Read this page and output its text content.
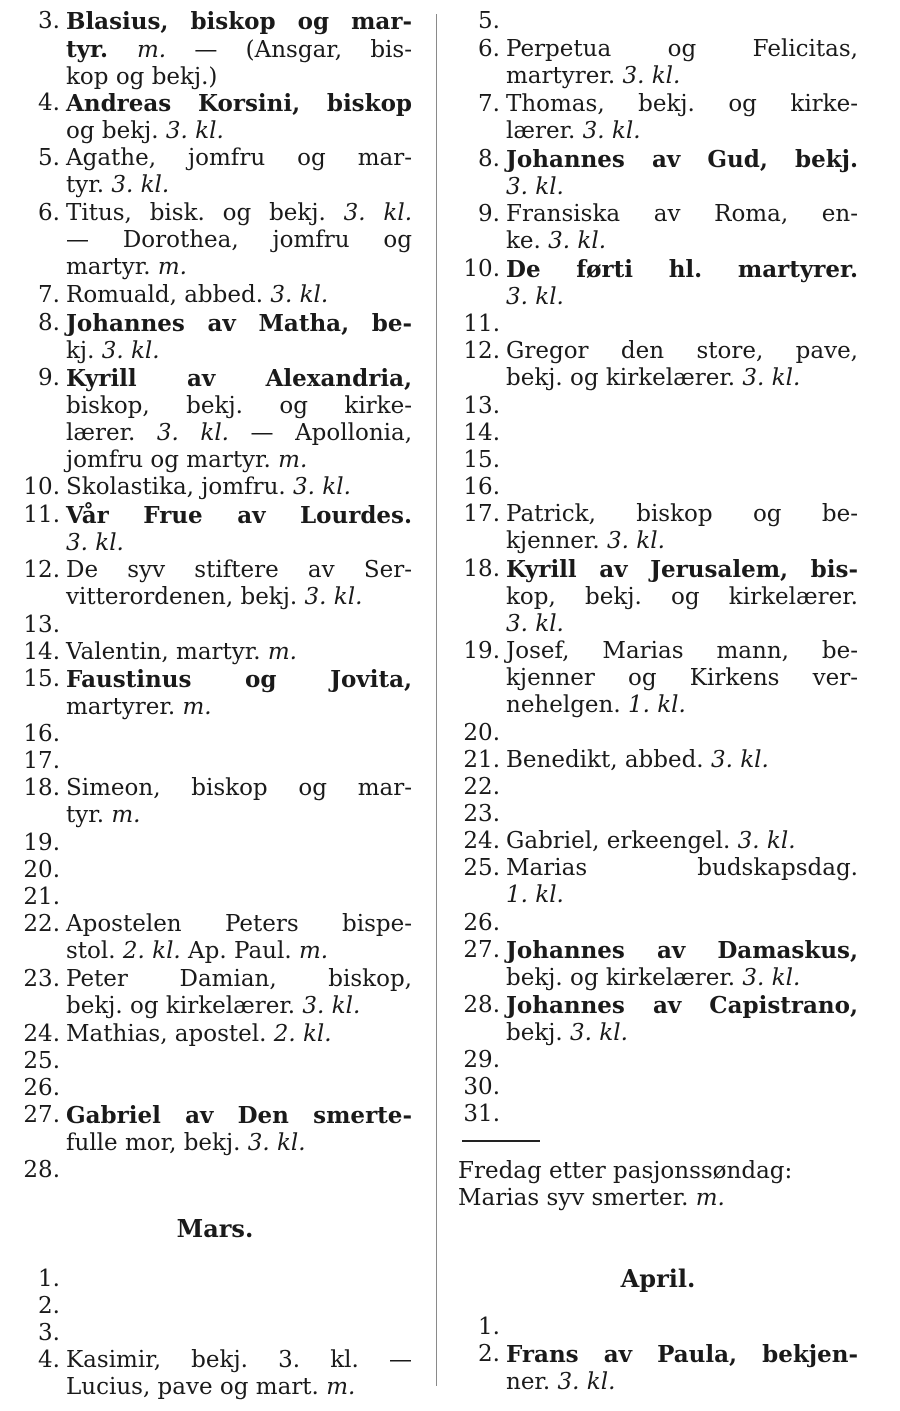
3. Blasius, biskop og mar-
tyr. m. — (Ansgar, bis-
kop og bekj.)
4. Andreas Korsini, biskop
og bekj. 3. kl.
5. Agathe, jomfru og mar-
tyr. 3. kl.
6. Titus, bisk. og bekj. 3. kl.
— Dorothea, jomfru og
martyr. m.
7. Romuald, abbed. 3. kl.
8. Johannes av Matha, be-
kj. 3. kl.
9. Kyrill av Alexandria,
biskop, bekj. og kirke-
lærer. 3. kl. — Apollonia,
jomfru og martyr. m.
10. Skolastika, jomfru. 3. kl.
11. Vår Frue av Lourdes.
3. kl.
12. De syv stiftere av Ser-
vitterordenen, bekj. 3. kl.
13.
14. Valentin, martyr. m.
15. Faustinus og Jovita,
martyrer. m.
16.
17.
18. Simeon, biskop og mar-
tyr. m.
19.
20.
21.
22. Apostelen Peters bispe-
stol. 2. kl. Ap. Paul. m.
23. Peter Damian, biskop,
bekj. og kirkelærer. 3. kl.
24. Mathias, apostel. 2. kl.
25.
26.
27. Gabriel av Den smerte-
fulle mor, bekj. 3. kl.
28.
Mars.
1.
2.
3.
4. Kasimir, bekj. 3. kl. —
Lucius, pave og mart. m.
5.
6. Perpetua og Felicitas,
martyrer. 3. kl.
7. Thomas, bekj. og kirke-
lærer. 3. kl.
8. Johannes av Gud, bekj.
3. kl.
9. Fransiska av Roma, en-
ke. 3. kl.
10. De førti hl. martyrer.
3. kl.
11.
12. Gregor den store, pave,
bekj. og kirkelærer. 3. kl.
13.
14.
15.
16.
17. Patrick, biskop og be-
kjenner. 3. kl.
18. Kyrill av Jerusalem, bis-
kop, bekj. og kirkelærer.
3. kl.
19. Josef, Marias mann, be-
kjenner og Kirkens ver-
nehelgen. 1. kl.
20.
21. Benedikt, abbed. 3. kl.
22.
23.
24. Gabriel, erkeengel. 3. kl.
25. Marias budskapsdag.
1. kl.
26.
27. Johannes av Damaskus,
bekj. og kirkelærer. 3. kl.
28. Johannes av Capistrano,
bekj. 3. kl.
29.
30.
31.
Fredag etter pasjonssøndag:
Marias syv smerter. m.
April.
1.
2. Frans av Paula, bekjen-
ner. 3. kl.
